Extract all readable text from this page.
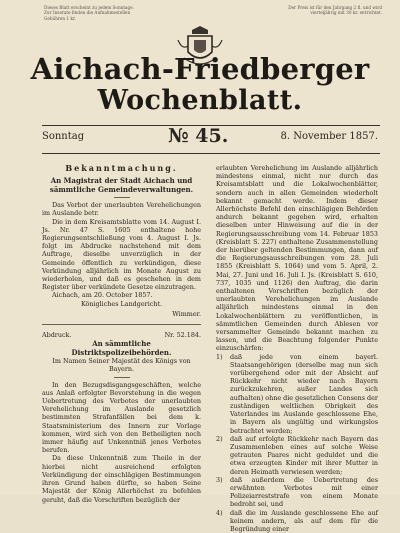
Dieses Blatt erscheint zu jedem Sonntage. Zur Inserate finden die Aufnahmestellen Gebühren 1 kr.
Der Preis ist für den Jahrgang 2 fl. und wird vierteljährig mit 30 kr. entrichtet.
Aichach-Friedberger
Wochenblatt.
Sonntag	№ 45.	8. November 1857.
Bekanntmachung.
An Magistrat der Stadt Aichach und sämmtliche Gemeindeverwaltungen.
Das Verbot der unerlaubten Verehelichungen im Auslande betr.
Die in dem Kreisamtsblatte vom 14. August I. Js. Nr. 47 S. 1605 enthaltene hohe Regierungsentschließung vom 4. August I. Js. folgt im Abdrucke nachstehend mit dem Auftrage, dieselbe unverzüglich in der Gemeinde öffentlich zu verkündigen, diese Verkündung alljährlich im Monate August zu wiederholen, und daß es geschehen in dem Register über verkündete Gesetze einzutragen.
Aichach, am 20. October 1857.
Königliches Landgericht.
Wimmer.
Abdruck.	Nr. 52.184.
An sämmtliche Distriktspolizeibehörden.
Im Namen Seiner Majestät des Königs von Bayern.
In den Bezugsdisgangsgeschäften, welche aus Anlaß erfolgter Bevorstehung in die wegen Uebertretung des Verbotes der unerlaubten Verehelichung im Auslande gesetzlich bestimmten Strafanfällen bei dem k. Staatsministerium des Innern zur Vorlage kommen, wird sich von den Betheiligten noch immer häufig auf Unkenntniß jenes Verbotes berufen.
Da diese Unkenntniß zum Theile in der hierbei nicht ausreichend erfolgten Verkündigung der einschlägigen Bestimmungen ihren Grund haben dürfte, so haben Seine Majestät der König Allerhöchst zu befehlen geruht, daß die Vorschriften bezüglich der
erlaubten Verehelichung im Auslande alljährlich mindestens einmal, nicht nur durch das Kreisamtsblatt und die Lokalwochenblätter, sondern auch in allen Gemeinden wiederholt bekannt gemacht werde. Indem dieser Allerhöchste Befehl den einschlägigen Behörden andurch bekannt gegeben wird, erhalten dieselben unter Hinweisung auf die in der Regierungsausschreibung vom 14. Februar 1853 (Kreisblatt S. 227) enthaltene Zusammenstellung der hierüber geltenden Bestimmungen, dann auf die Regierungsausschreibungen vom 28. Juli 1855 (Kreisblatt S. 1064) und vom 5. April, 2. Mai, 27. Juni und 16. Juli I. Js. (Kreisblatt S. 610, 737, 1035 und 1126) den Auftrag, die darin enthaltenen Vorschriften bezüglich der unerlaubten Verehelichungen im Auslande alljährlich mindestens einmal in den Lokalwochenblättern zu veröffentlichen, in sämmtlichen Gemeinden durch Ablesen vor versammelter Gemeinde bekannt machen zu lassen, und die Beachtung folgender Punkte einzuschärfen:
1)	daß jede von einem bayerl. Staatsangehörigen (derselbe mag nun sich vorübergehend oder mit der Absicht auf Rückkehr nicht wieder nach Bayern zurückzukehren, außer Landes sich aufhalten) ohne die gesetzlichen Consens der zuständigen weltlichen Obrigkeit des Vaterlandes im Auslande geschlossene Ehe, in Bayern als ungültig und wirkungslos betrachtet werden;
2)	daß auf erfolgte Rückkehr nach Bayern das Zusammenleben eines auf solche Weise getrauten Paares nicht geduldet und die etwa erzeugten Kinder mit ihrer Mutter in deren Heimath verwiesen werden;
3)	daß außerdem die Uebertretung des erwähnten Verbotes mit einer Polizeiarreststrafe von einem Monate bedroht sei, und
4)	daß die im Auslande geschlossene Ehe auf keinem andern, als auf dem für die Begründung einer
